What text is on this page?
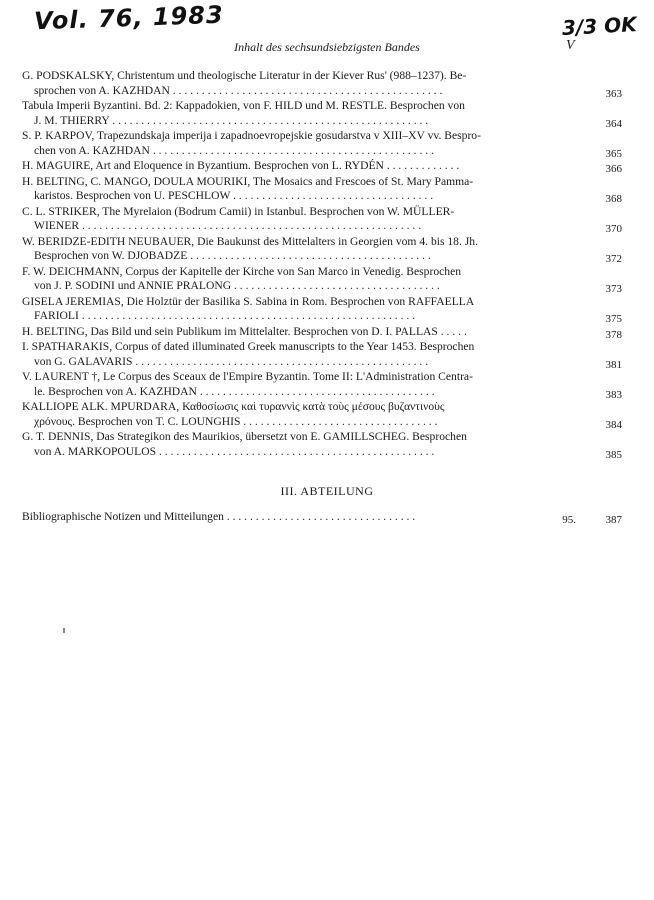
Vol. 76, 1983	3/3 OK
Inhalt des sechsundsiebzigsten Bandes	V
G. PODSKALSKY, Christentum und theologische Literatur in der Kiever Rus' (988–1237). Be-
sprochen von A. KAZHDAN . . . . . . . . . . . . . . . . . . . . . . . . . . . . . . . . . . . . . . . . . . . . . . .	363
Tabula Imperii Byzantini. Bd. 2: Kappadokien, von F. HILD und M. RESTLE. Besprochen von
J. M. THIERRY . . . . . . . . . . . . . . . . . . . . . . . . . . . . . . . . . . . . . . . . . . . . . . . . . . . . . . .	364
S. P. KARPOV, Trapezundskaja imperija i zapadnoevropejskie gosudarstva v XIII–XV vv. Bespro-
chen von A. KAZHDAN . . . . . . . . . . . . . . . . . . . . . . . . . . . . . . . . . . . . . . . . . . . . . . . . .	365
H. MAGUIRE, Art and Eloquence in Byzantium. Besprochen von L. RYDÉN . . . . . . . . . . . . .	366
H. BELTING, C. MANGO, DOULA MOURIKI, The Mosaics and Frescoes of St. Mary Pamma-
karistos. Besprochen von U. PESCHLOW . . . . . . . . . . . . . . . . . . . . . . . . . . . . . . . . . . .	368
C. L. STRIKER, The Myrelaion (Bodrum Camii) in Istanbul. Besprochen von W. MÜLLER-
WIENER . . . . . . . . . . . . . . . . . . . . . . . . . . . . . . . . . . . . . . . . . . . . . . . . . . . . . . . . . . .	370
W. BERIDZE-EDITH NEUBAUER, Die Baukunst des Mittelalters in Georgien vom 4. bis 18. Jh.
Besprochen von W. DJOBADZE . . . . . . . . . . . . . . . . . . . . . . . . . . . . . . . . . . . . . . . . . .	372
F. W. DEICHMANN, Corpus der Kapitelle der Kirche von San Marco in Venedig. Besprochen
von J. P. SODINI und ANNIE PRALONG . . . . . . . . . . . . . . . . . . . . . . . . . . . . . . . . . . . .	373
GISELA JEREMIAS, Die Holztür der Basilika S. Sabina in Rom. Besprochen von RAFFAELLA
FARIOLI . . . . . . . . . . . . . . . . . . . . . . . . . . . . . . . . . . . . . . . . . . . . . . . . . . . . . . . . . .	375
H. BELTING, Das Bild und sein Publikum im Mittelalter. Besprochen von D. I. PALLAS . . . . .	378
I. SPATHARAKIS, Corpus of dated illuminated Greek manuscripts to the Year 1453. Besprochen
von G. GALAVARIS . . . . . . . . . . . . . . . . . . . . . . . . . . . . . . . . . . . . . . . . . . . . . . . . . . .	381
V. LAURENT †, Le Corpus des Sceaux de l'Empire Byzantin. Tome II: L'Administration Centra-
le. Besprochen von A. KAZHDAN . . . . . . . . . . . . . . . . . . . . . . . . . . . . . . . . . . . . . . . . .	383
KALLIOPE ALK. MPURDARA, Καθοσίωσις καὶ τυραννὶς κατὰ τοὺς μέσους βυζαντινοὺς
χρόνους. Besprochen von T. C. LOUNGHIS . . . . . . . . . . . . . . . . . . . . . . . . . . . . . . . . . .	384
G. T. DENNIS, Das Strategikon des Maurikios, übersetzt von E. GAMILLSCHEG. Besprochen
von A. MARKOPOULOS . . . . . . . . . . . . . . . . . . . . . . . . . . . . . . . . . . . . . . . . . . . . . . . .	385
III. ABTEILUNG
Bibliographische Notizen und Mitteilungen . . . . . . . . . . . . . . . . . . . . . . . . . . . . . . . . .	95.	387
